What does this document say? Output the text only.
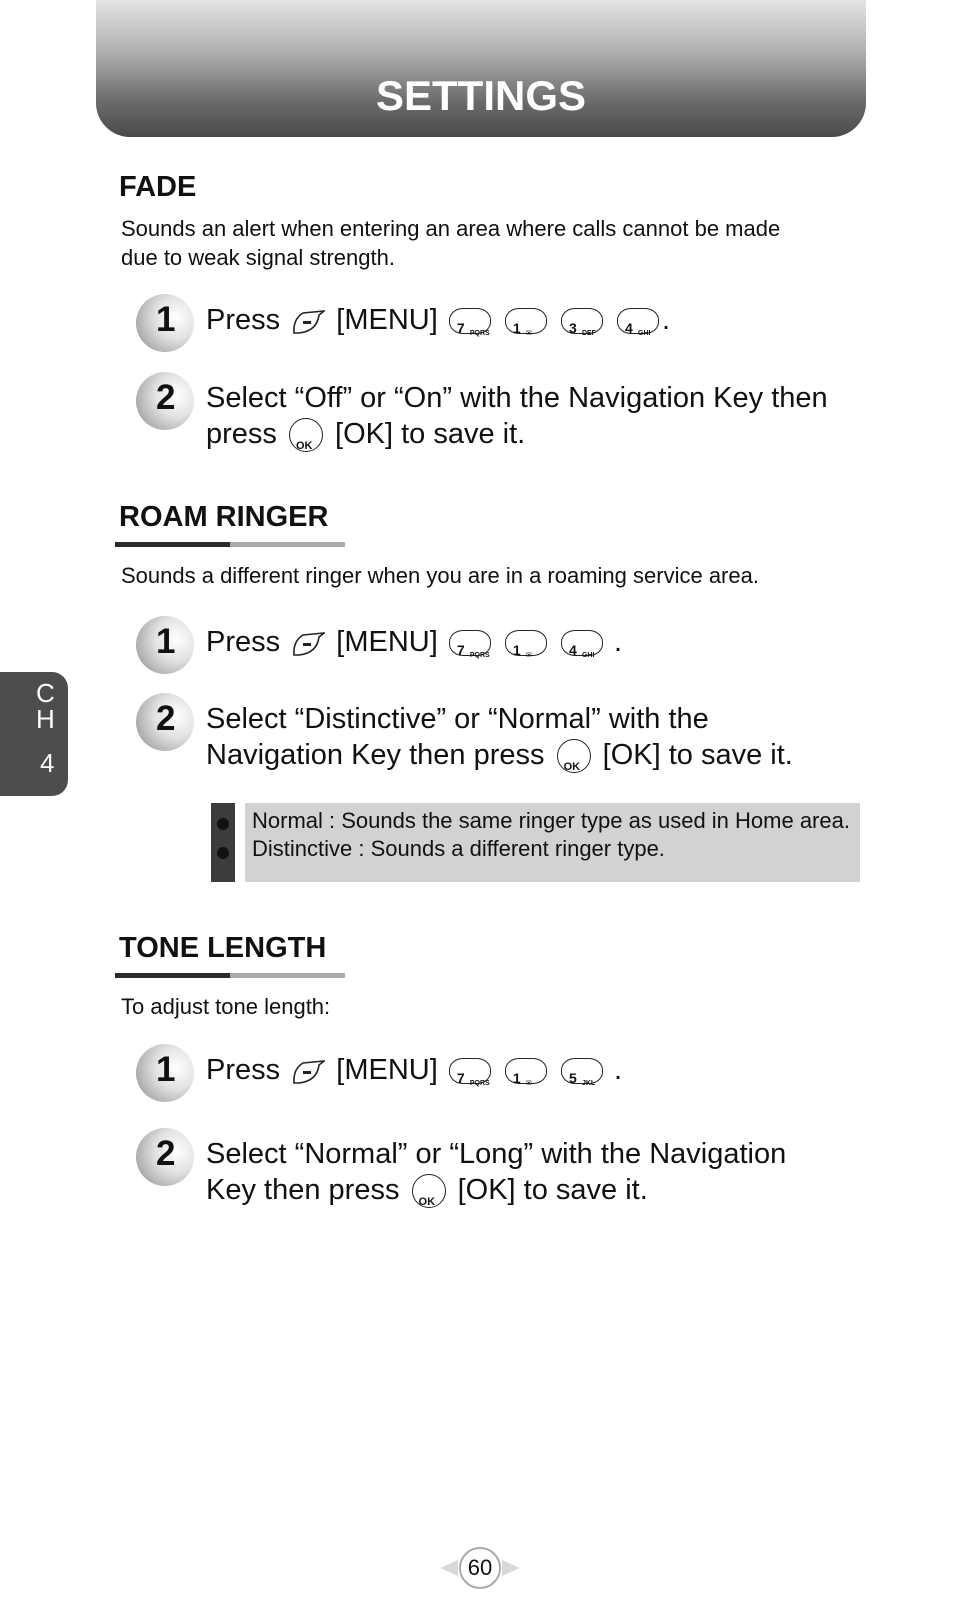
SETTINGS
C
H
4
FADE
Sounds an alert when entering an area where calls cannot be made
due to weak signal strength.
1 Press [MENU] 7 PQRS
1 ✉
	3 DEF
4 GHI .
2 Select “Off” or “On” with the Navigation Key then
press OK [OK] to save it.
ROAM RINGER
Sounds a different ringer when you are in a roaming service area.
1 Press [MENU] 7 PQRS
1 ✉
	4 GHI .
2 Select “Distinctive” or “Normal” with the
Navigation Key then press OK [OK] to save it.
Normal : Sounds the same ringer type as used in Home area.
Distinctive : Sounds a different ringer type.
TONE LENGTH
To adjust tone length:
1 Press [MENU] 7 PQRS
1 ✉
	5 JKL .
2 Select “Normal” or “Long” with the Navigation
Key then press OK [OK] to save it.
60
